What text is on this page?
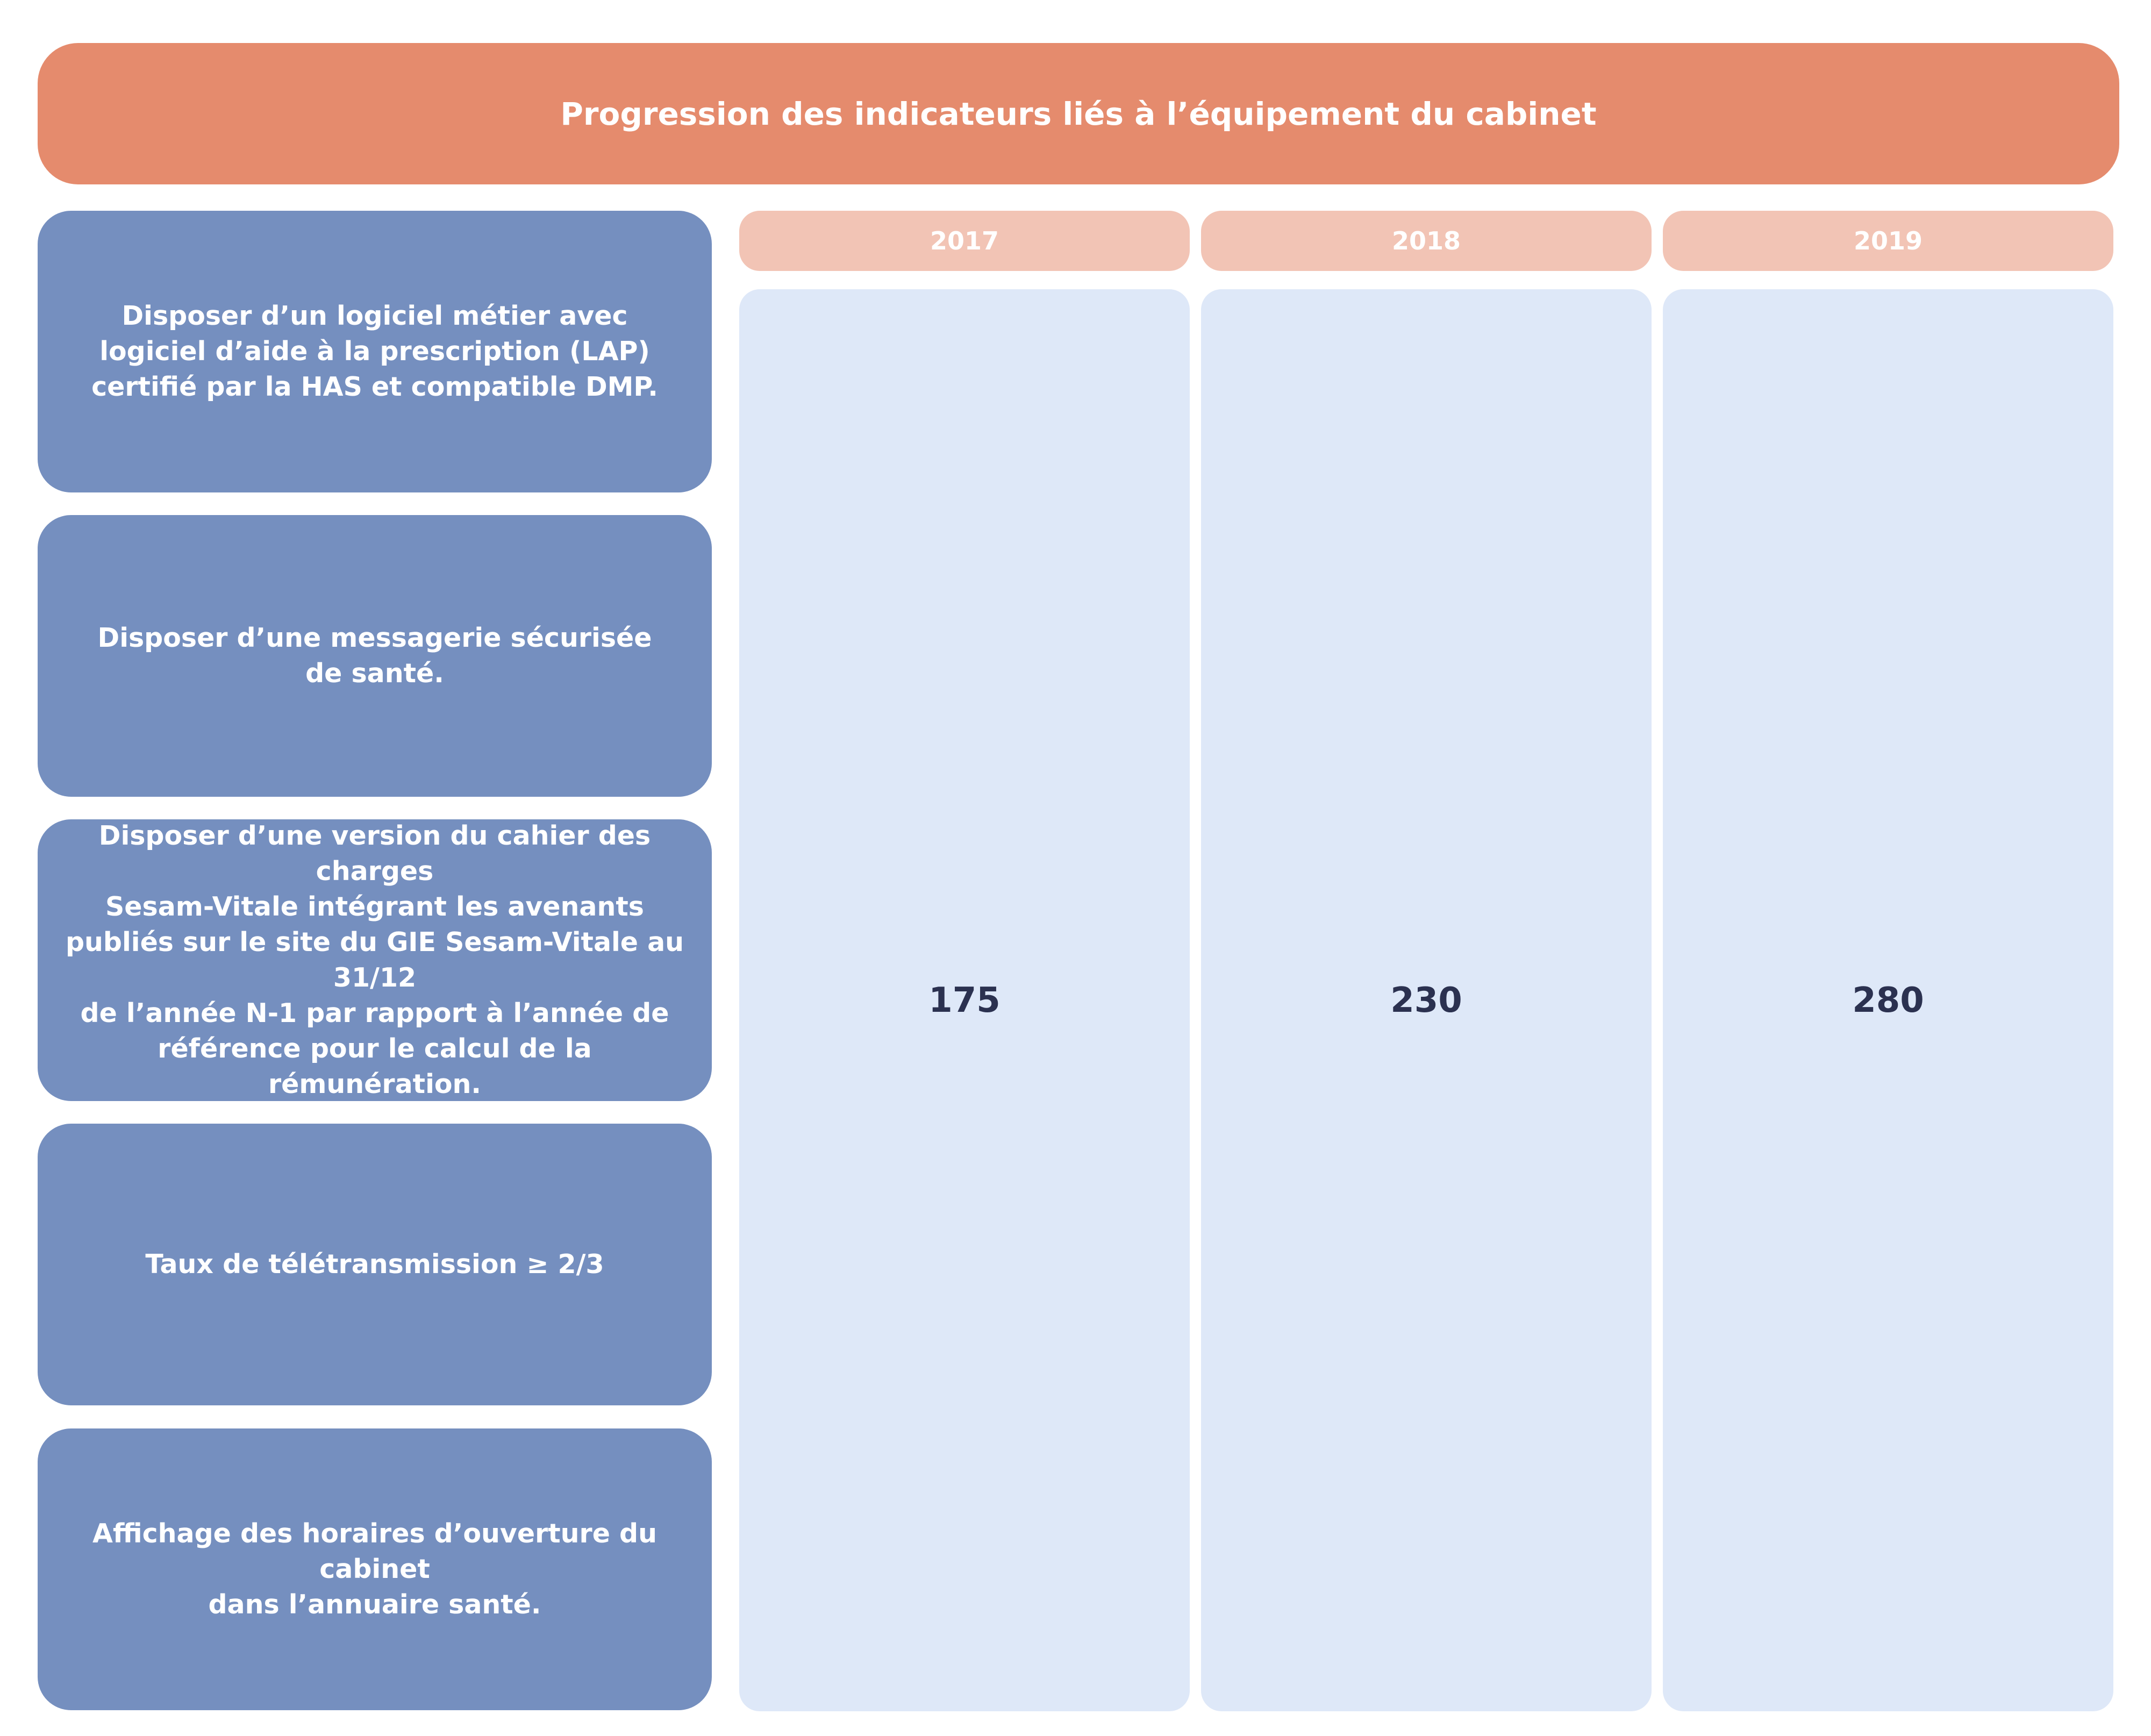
Progression des indicateurs liés à l’équipement du cabinet
Disposer d’un logiciel métier avec
logiciel d’aide à la prescription (LAP)
certifié par la HAS et compatible DMP.
Disposer d’une messagerie sécurisée
de santé.
Disposer d’une version du cahier des charges
Sesam-Vitale intégrant les avenants
publiés sur le site du GIE Sesam-Vitale au 31/12
de l’année N-1 par rapport à l’année de
référence pour le calcul de la rémunération.
Taux de télétransmission ≥ 2/3
Affichage des horaires d’ouverture du cabinet
dans l’annuaire santé.
2017	2018	2019
175	230	280
